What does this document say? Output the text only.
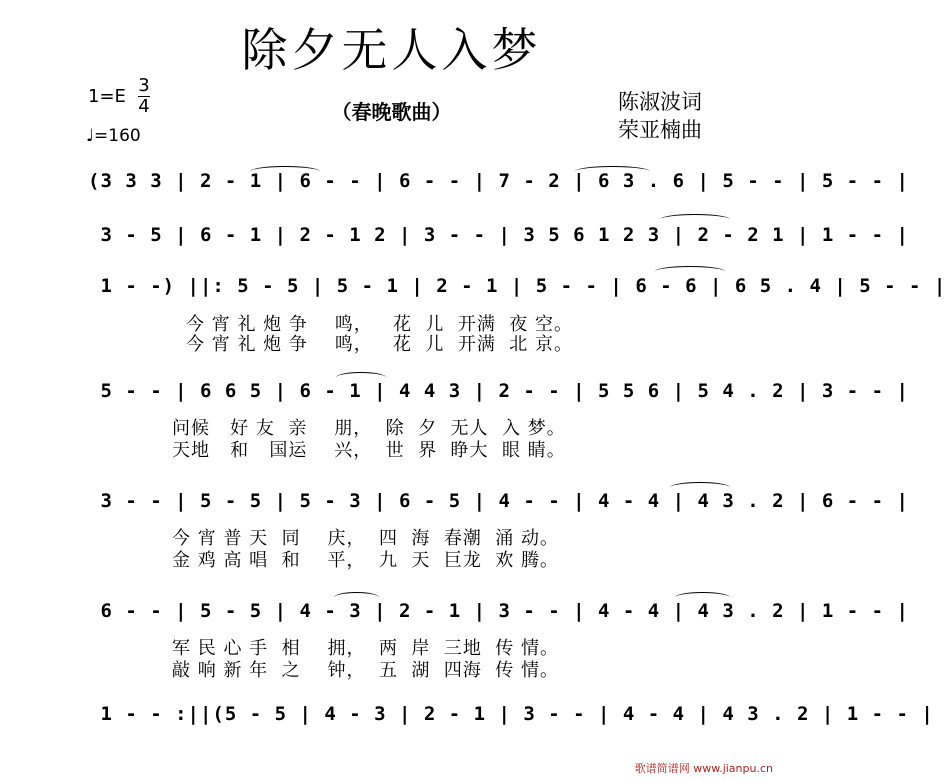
除夕无人入梦
（春晚歌曲）
1=E
3
4
♩=160
陈淑波词
荣亚楠曲
(3 3 3 | 2 - 1 | 6 - - | 6 - - | 7 - 2 | 6 3 . 6 | 5 - - | 5 - - |
3 - 5 | 6 - 1 | 2 - 1 2 | 3 - - | 3 5 6 1 2 3 | 2 - 2 1 | 1 - - |
1 - -) ||: 5 - 5 | 5 - 1 | 2 - 1 | 5 - - | 6 - 6 | 6 5 . 4 | 5 - - |
今 宵 礼 炮 争    鸣，   花  儿  开满  夜 空。
今 宵 礼 炮 争    鸣，   花  儿  开满  北 京。
5 - - | 6 6 5 | 6 - 1 | 4 4 3 | 2 - - | 5 5 6 | 5 4 . 2 | 3 - - |
问候   好 友  亲    朋，  除  夕  无人  入 梦。
天地   和   国运    兴，  世  界  睁大  眼 睛。
3 - - | 5 - 5 | 5 - 3 | 6 - 5 | 4 - - | 4 - 4 | 4 3 . 2 | 6 - - |
今 宵 普 天  同    庆，  四  海  春潮  涌 动。
金 鸡 高 唱  和    平，  九  天  巨龙  欢 腾。
6 - - | 5 - 5 | 4 - 3 | 2 - 1 | 3 - - | 4 - 4 | 4 3 . 2 | 1 - - |
军 民 心 手  相    拥，  两  岸  三地  传 情。
敲 响 新 年  之    钟，  五  湖  四海  传 情。
1 - - :||(5 - 5 | 4 - 3 | 2 - 1 | 3 - - | 4 - 4 | 4 3 . 2 | 1 - - |
歌谱简谱网 www.jianpu.cn
